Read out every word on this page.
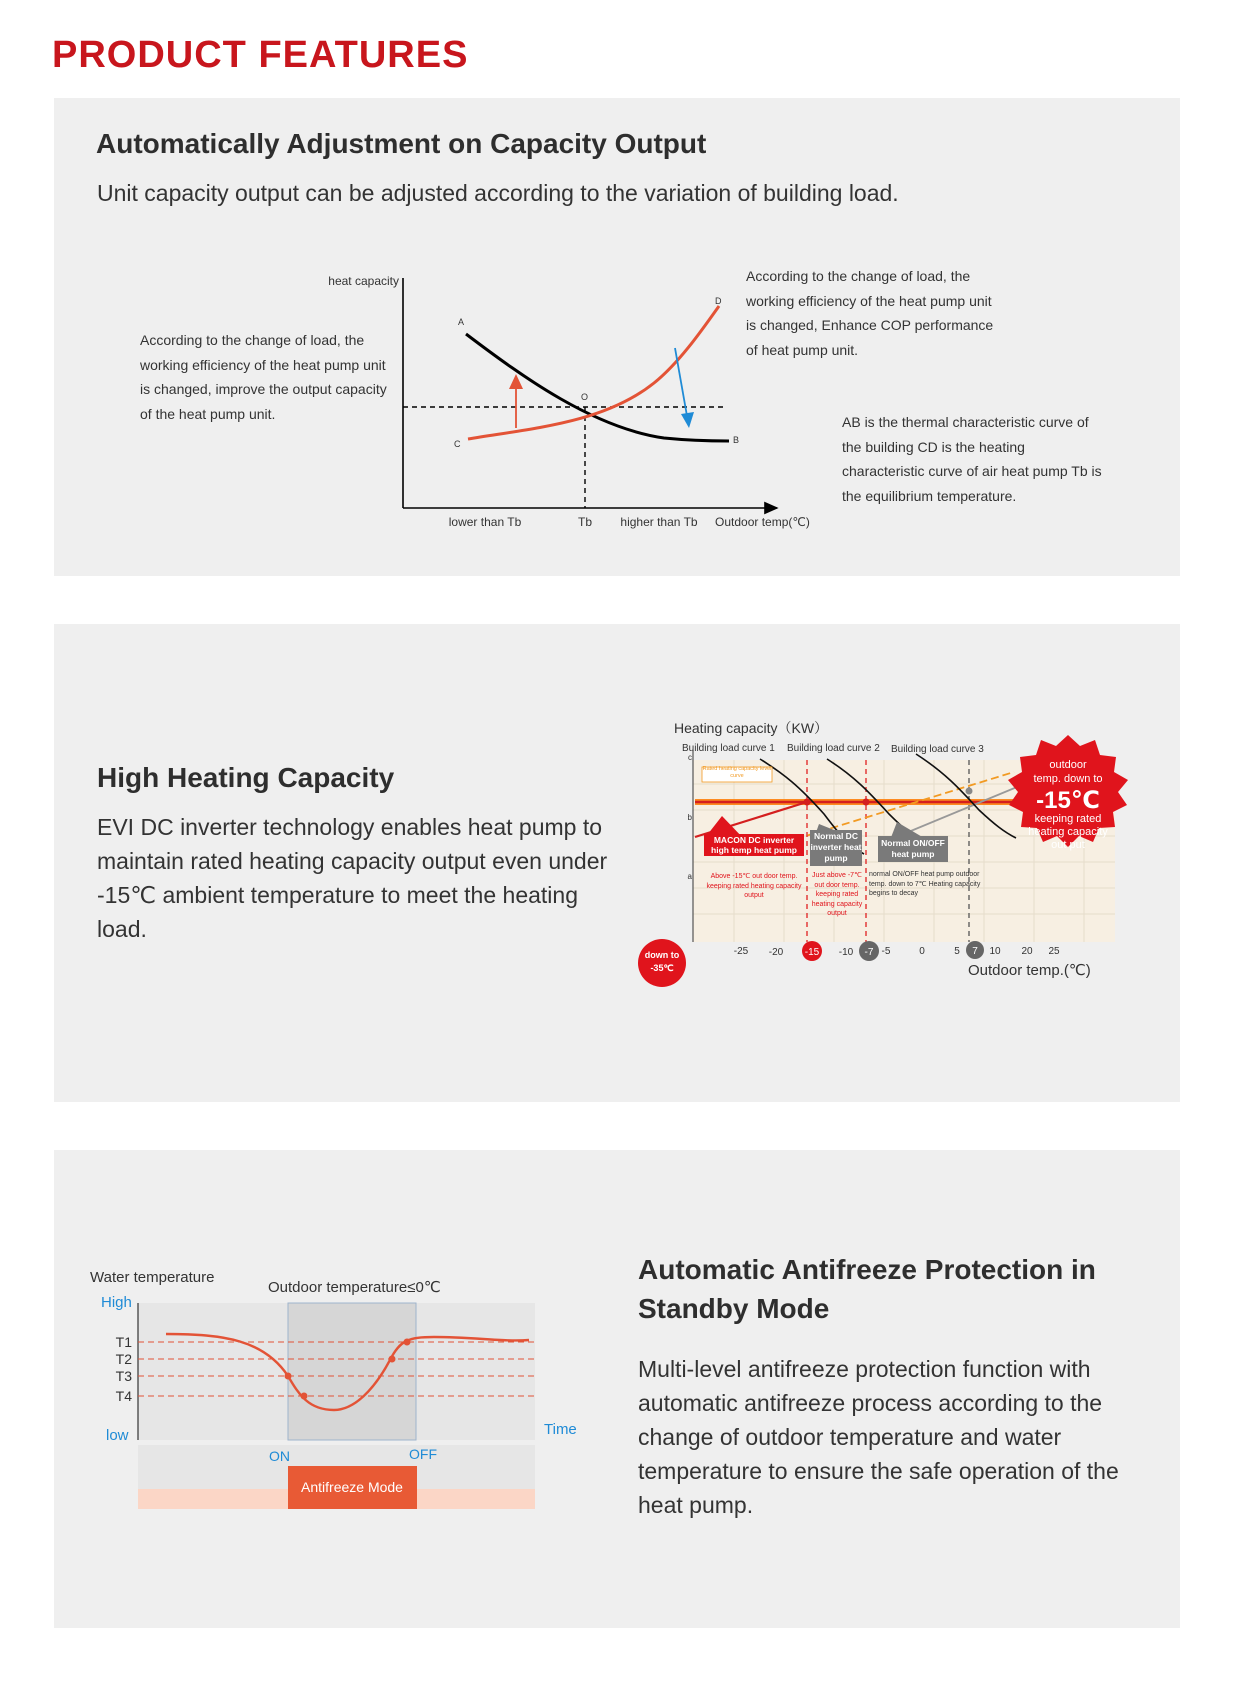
PRODUCT FEATURES
Automatically Adjustment on Capacity Output

Unit capacity output can be adjusted according to the variation of building load.

According to the change of load, the working efficiency of the heat pump unit is changed, improve the output capacity of the heat pump unit.

According to the change of load, the working efficiency of the heat pump unit is changed, Enhance COP performance of heat pump unit.

AB is the thermal characteristic curve of the building CD is the heating characteristic curve of air heat pump Tb is the equilibrium temperature.

heat capacity
A
B
C
D
O
lower than Tb	Tb higher than Tb Outdoor temp(℃)
High Heating Capacity

EVI DC inverter technology enables heat pump to maintain rated heating capacity output even under -15℃ ambient temperature to meet the heating load.

Heating capacity（KW）
Building load curve 1 Building load curve 2 Building load curve 3
c
b
a
Rated heating capacity level curve
MACON DC inverter high temp heat pump
Normal DC inverter heat pump
Normal ON/OFF heat pump
Above -15℃ out door temp. keeping rated heating capacity output
Just above -7℃ out door temp. keeping rated heating capacity output
normal ON/OFF heat pump outdoor temp. down to 7℃ Heating capacity begins to decay
-25 -20 -15 -10 -7 -5	0	5 7 10 20 25
Outdoor temp.(℃)
down to -35℃
outdoor
temp. down to
-15℃
keeping rated
heating capacity
out put
Automatic Antifreeze Protection in Standby Mode

Multi-level antifreeze protection function with automatic antifreeze process according to the change of outdoor temperature and water temperature to ensure the safe operation of the heat pump.

Water temperature
Outdoor temperature≤0℃
High
T1
T2
T3
T4
low	Time
ON	OFF
Antifreeze Mode
